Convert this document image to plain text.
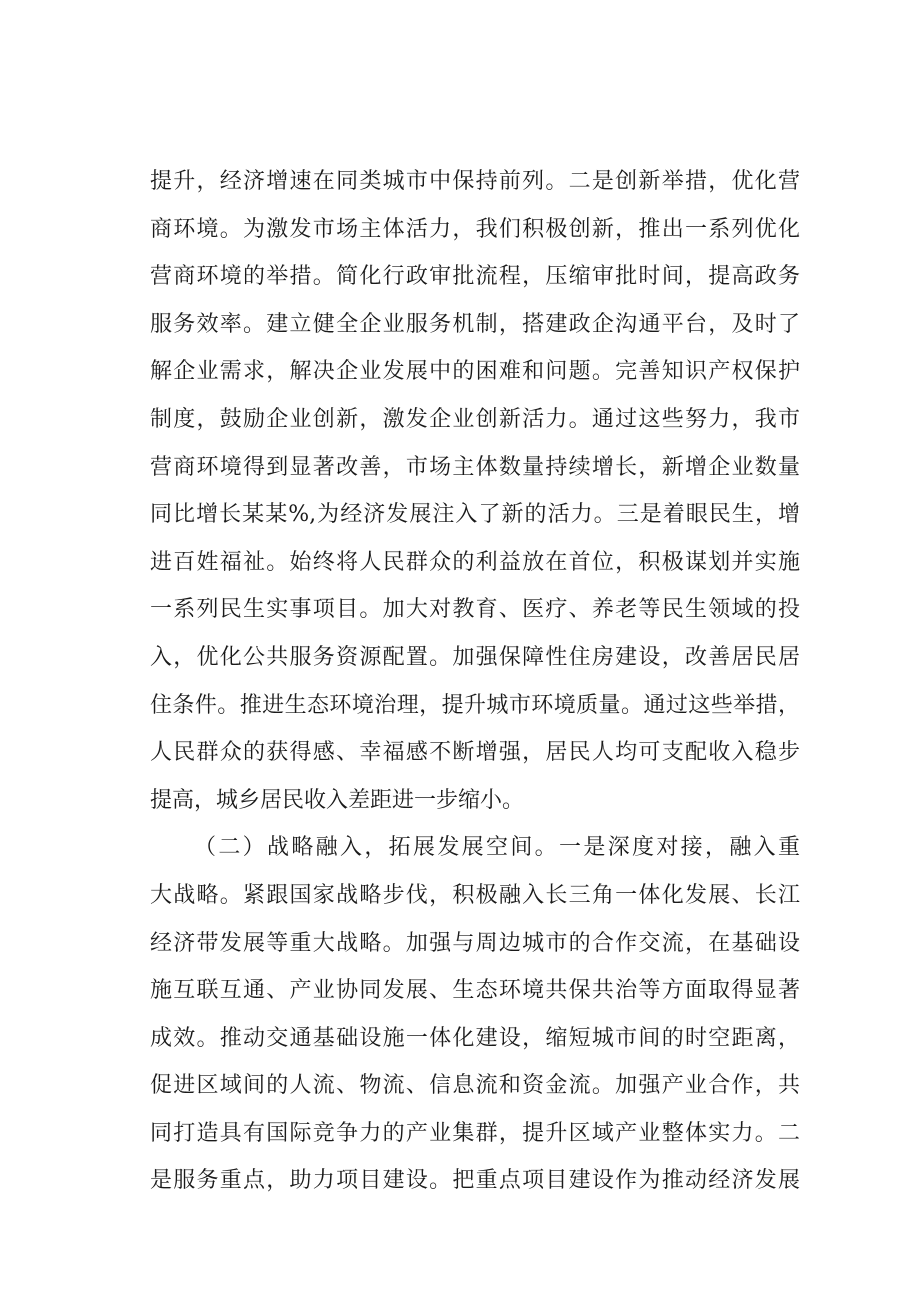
提升，经济增速在同类城市中保持前列。二是创新举措，优化营
商环境。为激发市场主体活力，我们积极创新，推出一系列优化
营商环境的举措。简化行政审批流程，压缩审批时间，提高政务
服务效率。建立健全企业服务机制，搭建政企沟通平台，及时了
解企业需求，解决企业发展中的困难和问题。完善知识产权保护
制度，鼓励企业创新，激发企业创新活力。通过这些努力，我市
营商环境得到显著改善，市场主体数量持续增长，新增企业数量
同比增长某某%,为经济发展注入了新的活力。三是着眼民生，增
进百姓福祉。始终将人民群众的利益放在首位，积极谋划并实施
一系列民生实事项目。加大对教育、医疗、养老等民生领域的投
入，优化公共服务资源配置。加强保障性住房建设，改善居民居
住条件。推进生态环境治理，提升城市环境质量。通过这些举措，
人民群众的获得感、幸福感不断增强，居民人均可支配收入稳步
提高，城乡居民收入差距进一步缩小。
（二）战略融入，拓展发展空间。一是深度对接，融入重
大战略。紧跟国家战略步伐，积极融入长三角一体化发展、长江
经济带发展等重大战略。加强与周边城市的合作交流，在基础设
施互联互通、产业协同发展、生态环境共保共治等方面取得显著
成效。推动交通基础设施一体化建设，缩短城市间的时空距离，
促进区域间的人流、物流、信息流和资金流。加强产业合作，共
同打造具有国际竞争力的产业集群，提升区域产业整体实力。二
是服务重点，助力项目建设。把重点项目建设作为推动经济发展
